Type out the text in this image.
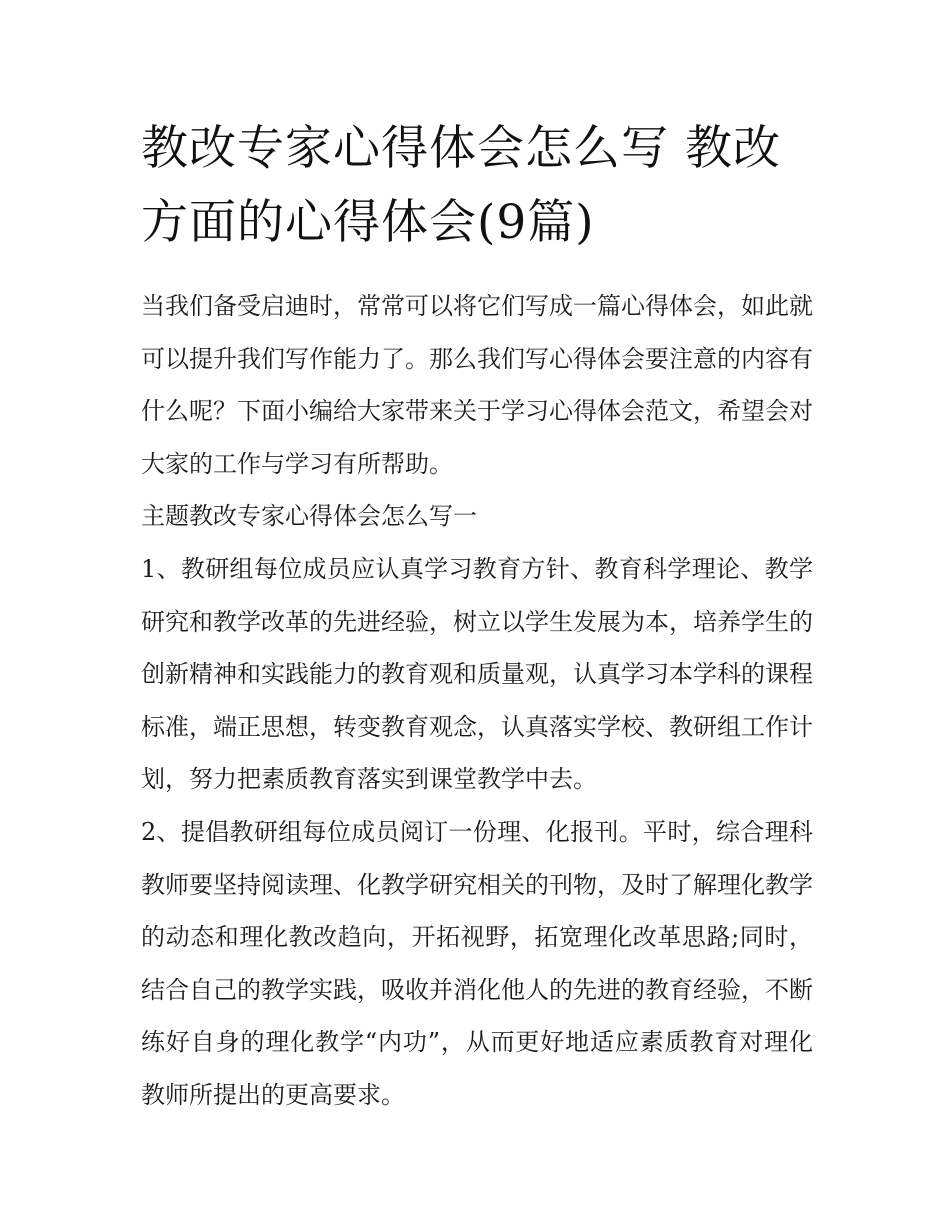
教改专家心得体会怎么写 教改方面的心得体会(9篇)

当我们备受启迪时，常常可以将它们写成一篇心得体会，如此就可以提升我们写作能力了。那么我们写心得体会要注意的内容有什么呢？下面小编给大家带来关于学习心得体会范文，希望会对大家的工作与学习有所帮助。

主题教改专家心得体会怎么写一

1、教研组每位成员应认真学习教育方针、教育科学理论、教学研究和教学改革的先进经验，树立以学生发展为本，培养学生的创新精神和实践能力的教育观和质量观，认真学习本学科的课程标准，端正思想，转变教育观念，认真落实学校、教研组工作计划，努力把素质教育落实到课堂教学中去。

2、提倡教研组每位成员阅订一份理、化报刊。平时，综合理科教师要坚持阅读理、化教学研究相关的刊物，及时了解理化教学的动态和理化教改趋向，开拓视野，拓宽理化改革思路;同时，结合自己的教学实践，吸收并消化他人的先进的教育经验，不断练好自身的理化教学“内功”，从而更好地适应素质教育对理化教师所提出的更高要求。
